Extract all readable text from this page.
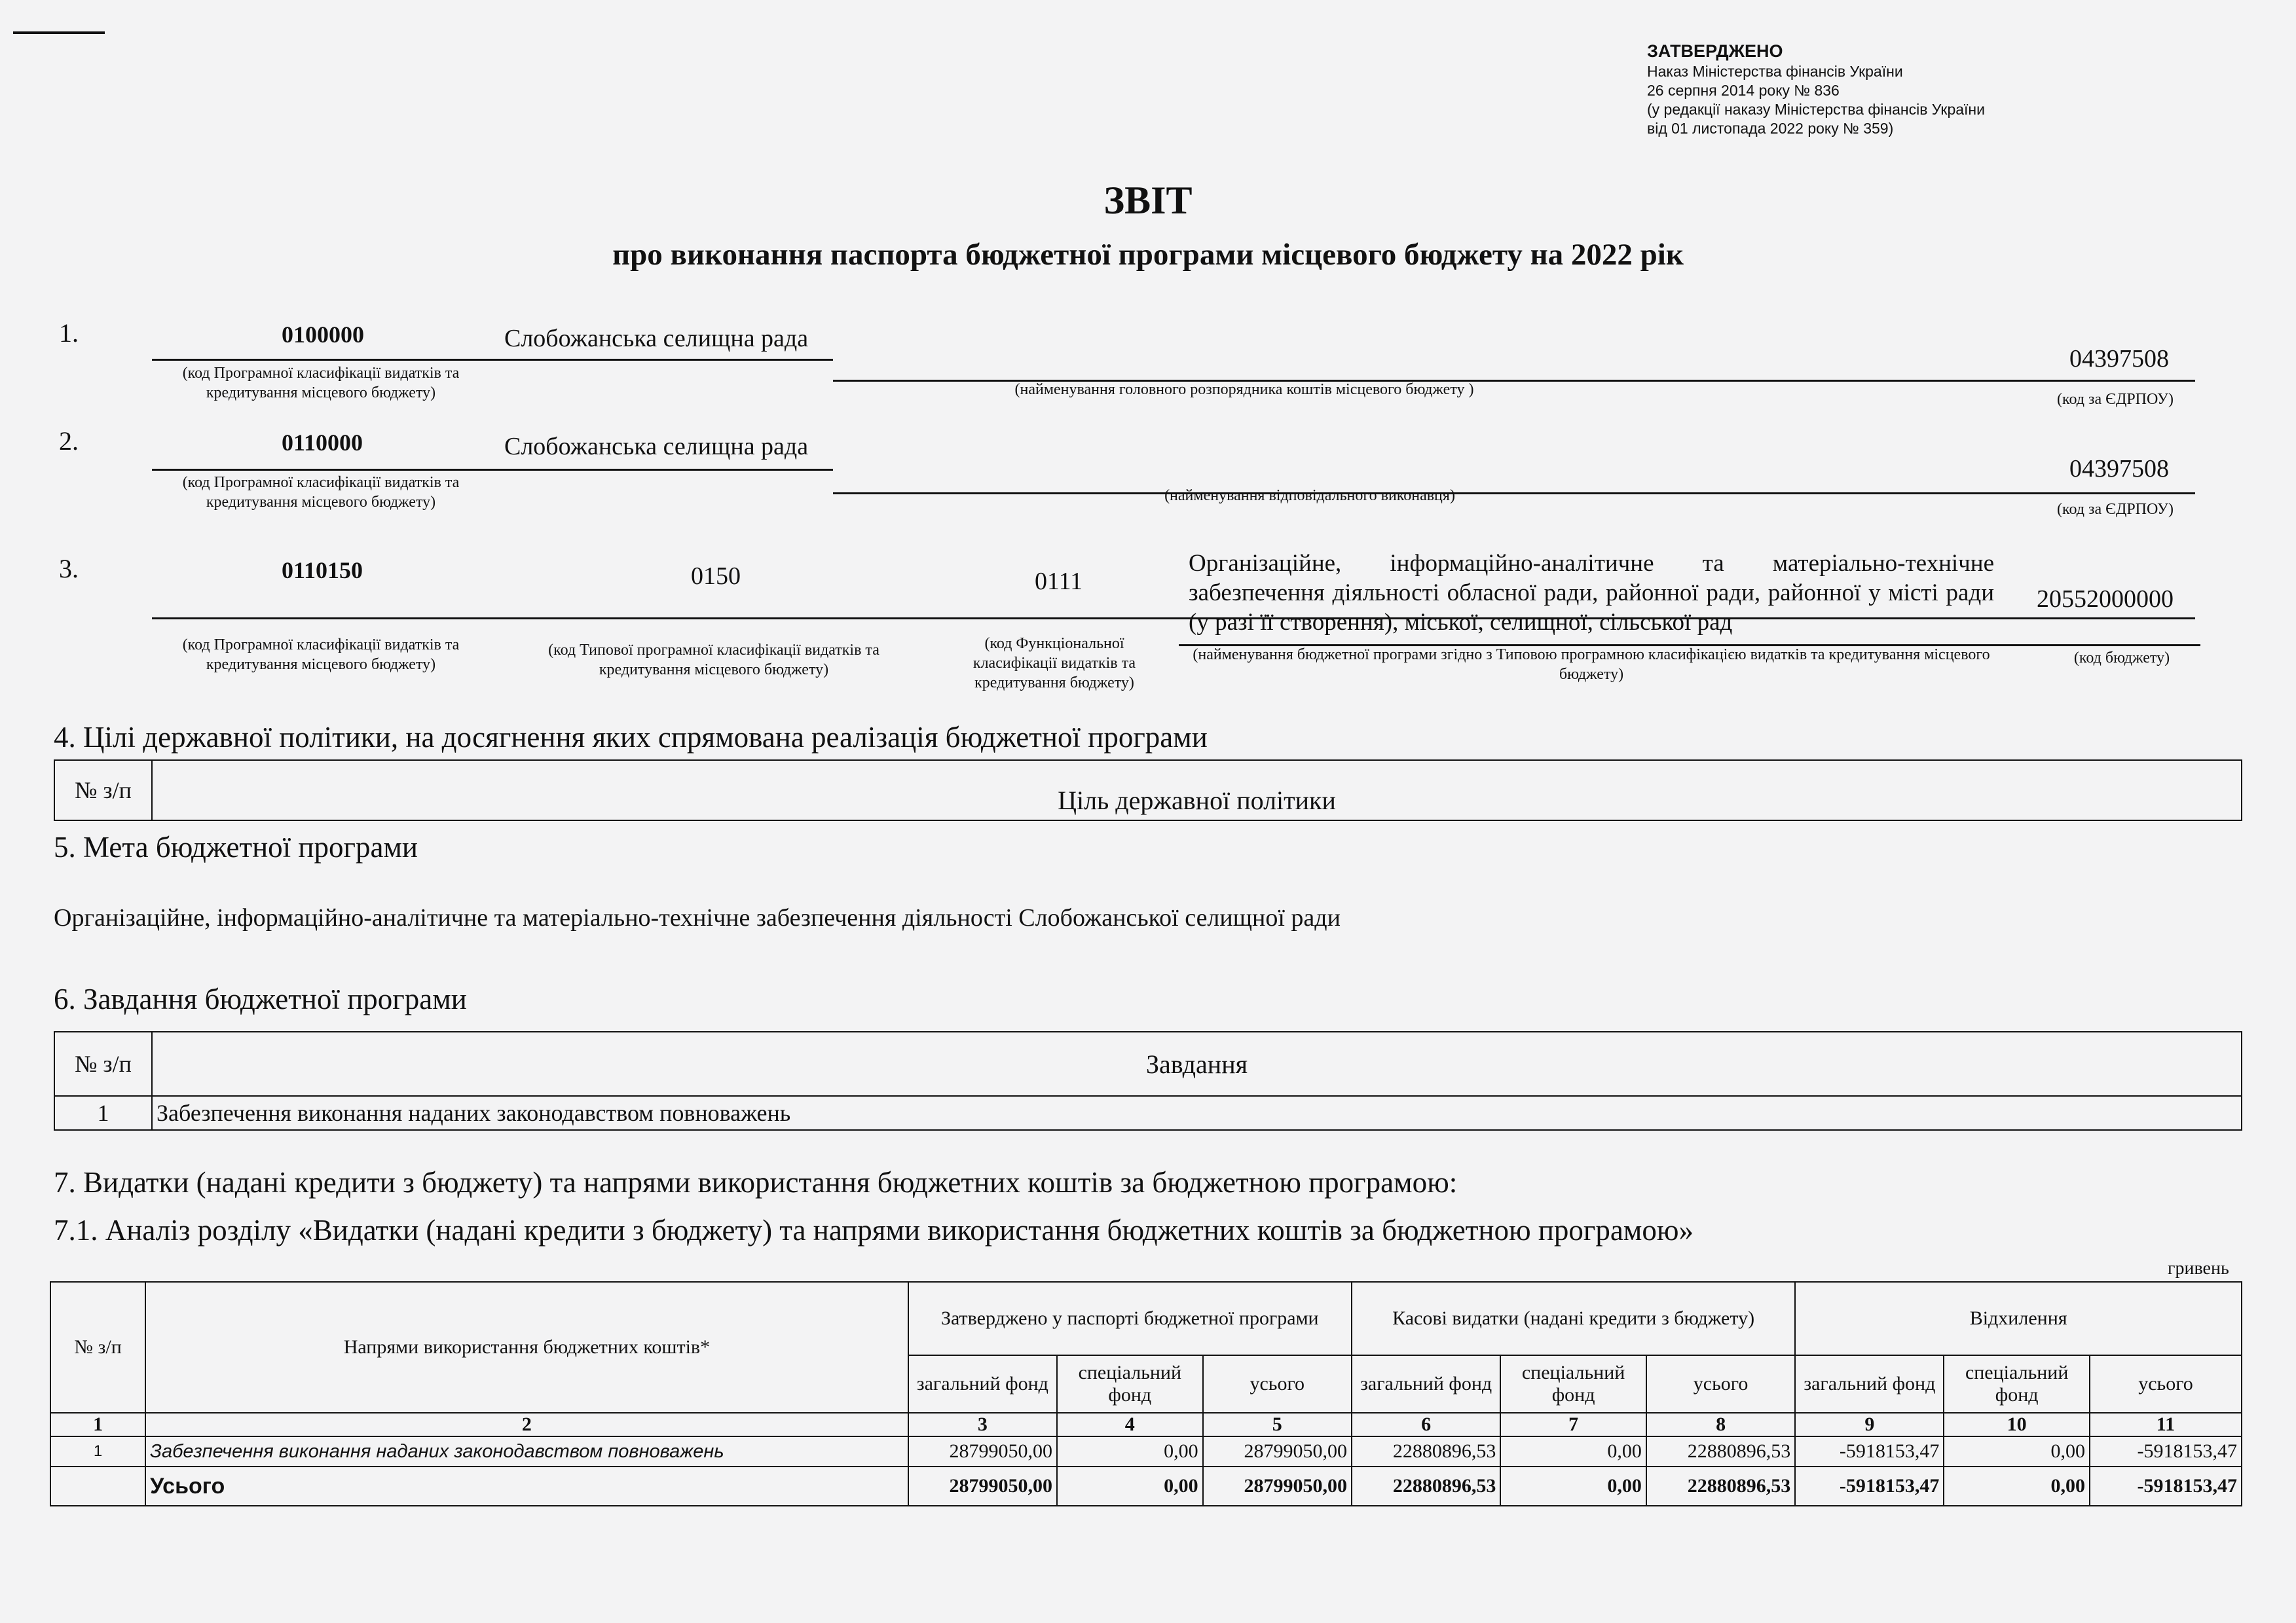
ЗАТВЕРДЖЕНО
Наказ Міністерства фінансів України
26 серпня 2014 року № 836
(у редакції наказу Міністерства фінансів України
від 01 листопада 2022 року № 359)
ЗВІТ
про виконання паспорта бюджетної програми місцевого бюджету на 2022 рік
1.	0100000	Слобожанська селищна рада
04397508
(код Програмної класифікації видатків та кредитування місцевого бюджету)	(найменування головного розпорядника коштів місцевого бюджету )
(код за ЄДРПОУ)
2.	0110000	Слобожанська селищна рада
04397508
(код Програмної класифікації видатків та кредитування місцевого бюджету)	(найменування відповідального виконавця)
(код за ЄДРПОУ)
3.	0110150	0150	0111
Організаційне, інформаційно-аналітичне та матеріально-технічне забезпечення діяльності обласної ради, районної ради, районної у місті ради (у разі її створення), міської, селищної, сільської рад
20552000000
(код Програмної класифікації видатків та кредитування місцевого бюджету)
(код Типової програмної класифікації видатків та кредитування місцевого бюджету)
(код Функціональної класифікації видатків та кредитування бюджету)
(найменування бюджетної програми згідно з Типовою програмною класифікацією видатків та кредитування місцевого бюджету)
(код бюджету)
4. Цілі державної політики, на досягнення яких спрямована реалізація бюджетної програми
№ з/п	Ціль державної політики
5. Мета бюджетної програми
Організаційне, інформаційно-аналітичне та матеріально-технічне забезпечення діяльності Слобожанської селищної ради
6. Завдання бюджетної програми
№ з/п	Завдання
1	Забезпечення виконання наданих законодавством повноважень
7. Видатки (надані кредити з бюджету) та напрями використання бюджетних коштів за бюджетною програмою:
7.1. Аналіз розділу «Видатки (надані кредити з бюджету) та напрями використання бюджетних коштів за бюджетною програмою»
гривень
№ з/п	Напрями використання бюджетних коштів*	Затверджено у паспорті бюджетної програми			Касові видатки (надані кредити з бюджету)			Відхилення		
		загальний фонд	спеціальний фонд	усього	загальний фонд	спеціальний фонд	усього	загальний фонд	спеціальний фонд	усього
1	2	3	4	5	6	7	8	9	10	11
1	Забезпечення виконання наданих законодавством повноважень	28799050,00	0,00	28799050,00	22880896,53	0,00	22880896,53	-5918153,47	0,00	-5918153,47
	Усього	28799050,00	0,00	28799050,00	22880896,53	0,00	22880896,53	-5918153,47	0,00	-5918153,47
